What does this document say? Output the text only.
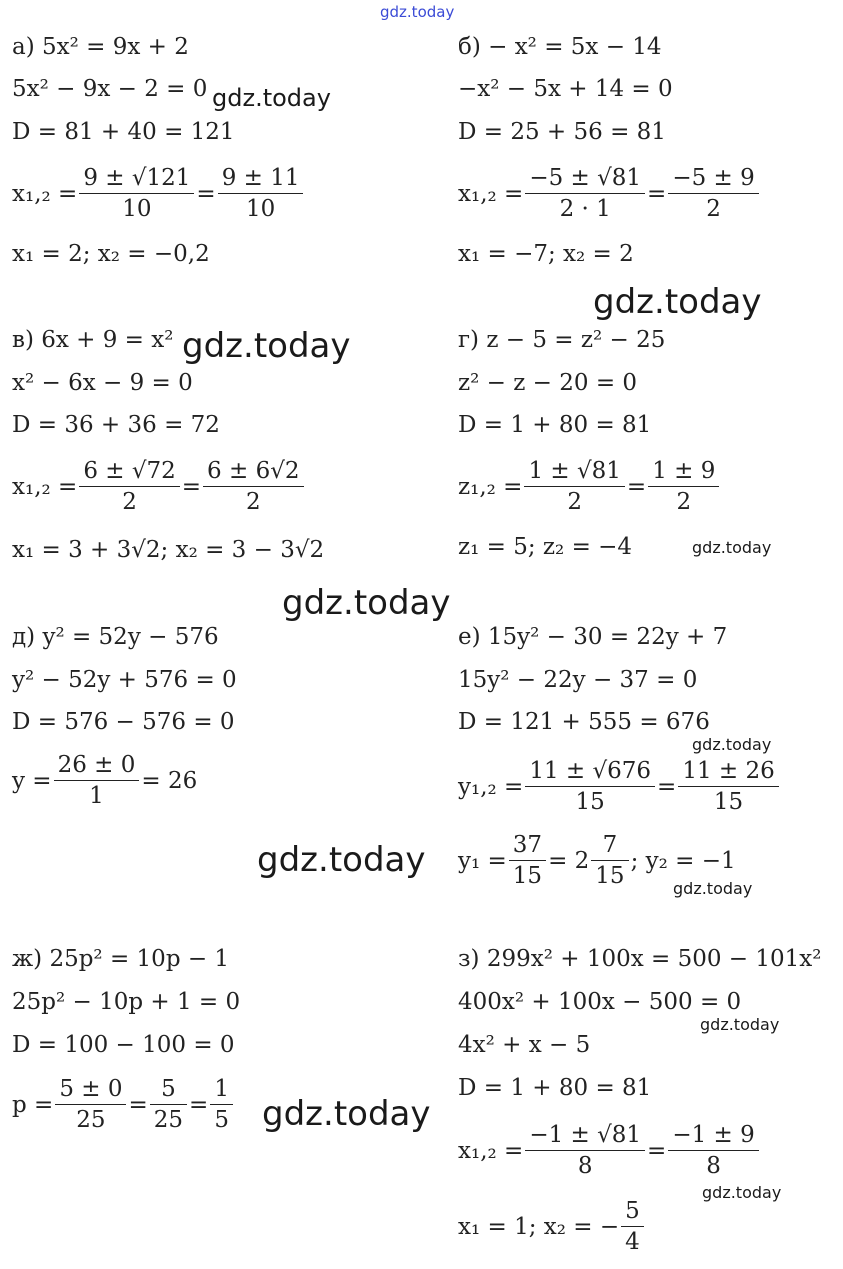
gdz.today
а) 5x² = 9x + 2
5x² − 9x − 2 = 0
D = 81 + 40 = 121
$x_1,_2 = \frac{9 \pm √121}{10} = \frac{9 \pm 11}{10}$
x₁ = 2; x₂ = −0,2
б) − x² = 5x − 14
−x² − 5x + 14 = 0
D = 25 + 56 = 81
$x_1,_2 = \frac{-5 \pm √81}{2 \cdot 1} = \frac{-5 \pm 9}{2}$
x₁ = −7; x₂ = 2
в) 6x + 9 = x²
x² − 6x − 9 = 0
D = 36 + 36 = 72
$x_1,_2 = \frac{6 \pm √72}{2} = \frac{6 \pm 6√2}{2}$
x₁ = 3 + 3√2; x₂ = 3 − 3√2
г) z − 5 = z² − 25
z² − z − 20 = 0
D = 1 + 80 = 81
$z_1,_2 = \frac{1 \pm √81}{2} = \frac{1 \pm 9}{2}$
z₁ = 5; z₂ = −4
д) y² = 52y − 576
y² − 52y + 576 = 0
D = 576 − 576 = 0
$y = \frac{26 \pm 0}{1} = 26$
е) 15y² − 30 = 22y + 7
15y² − 22y − 37 = 0
D = 121 + 555 = 676
$y_1,_2 = \frac{11 \pm √676}{15} = \frac{11 \pm 26}{15}$
$y_1 = \frac{37}{15} = 2 \frac{7}{15}$ ; y₂ = −1
ж) 25p² = 10p − 1
25p² − 10p + 1 = 0
D = 100 − 100 = 0
$p = \frac{5 \pm 0}{25} = \frac{5}{25} = \frac{1}{5}$
з) 299x² + 100x = 500 − 101x²
400x² + 100x − 500 = 0
4x² + x − 5
D = 1 + 80 = 81
$x_1,_2 = \frac{-1 \pm √81}{8} = \frac{-1 \pm 9}{8}$
x₁ = 1; x₂ = − $\frac{5}{4}$
gdz.today
gdz.today
gdz.today
gdz.today
gdz.today
gdz.today
gdz.today
gdz.today
gdz.today
gdz.today
gdz.today
